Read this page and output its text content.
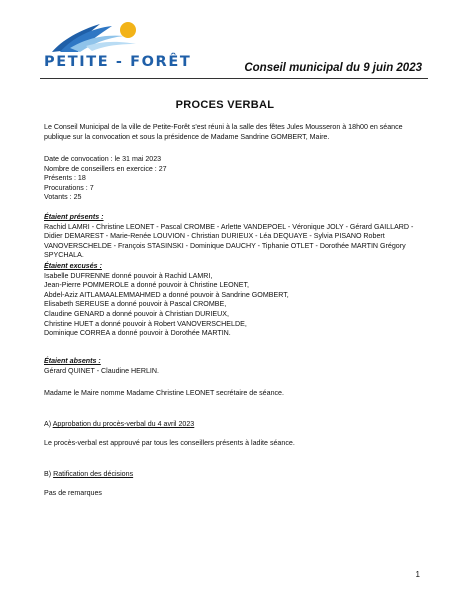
PETITE - FORÊT	Conseil municipal du 9 juin 2023
PROCES VERBAL

Le Conseil Municipal de la ville de Petite-Forêt s'est réuni à la salle des fêtes Jules Mousseron à 18h00 en séance publique sur la convocation et sous la présidence de Madame Sandrine GOMBERT, Maire.

Date de convocation : le 31 mai 2023

Nombre de conseillers en exercice : 27

Présents : 18

Procurations : 7

Votants : 25

Étaient présents :

Rachid LAMRI - Christine LEONET - Pascal CROMBE - Arlette VANDEPOEL - Véronique JOLY - Gérard GAILLARD - Didier DEMAREST - Marie-Renée LOUVION - Christian DURIEUX - Léa DEQUAYE - Sylvia PISANO Robert VANOVERSCHELDE - François STASINSKI - Dominique DAUCHY - Tiphanie OTLET - Dorothée MARTIN Grégory SPYCHALA.

Étaient excusés :

Isabelle DUFRENNE donné pouvoir à Rachid LAMRI,

Jean-Pierre POMMEROLE a donné pouvoir à Christine LEONET,

Abdel-Aziz AITLAMAALEMMAHMED a donné pouvoir à Sandrine GOMBERT,

Elisabeth SEREUSE a donné pouvoir à Pascal CROMBE,

Claudine GENARD a donné pouvoir à Christian DURIEUX,

Christine HUET a donné pouvoir à Robert VANOVERSCHELDE,

Dominique CORREA a donné pouvoir à Dorothée MARTIN.

Étaient absents :

Gérard QUINET - Claudine HERLIN.

Madame le Maire nomme Madame Christine LEONET secrétaire de séance.

A) Approbation du procès-verbal du 4 avril 2023

Le procès-verbal est approuvé par tous les conseillers présents à ladite séance.

B) Ratification des décisions

Pas de remarques

1
